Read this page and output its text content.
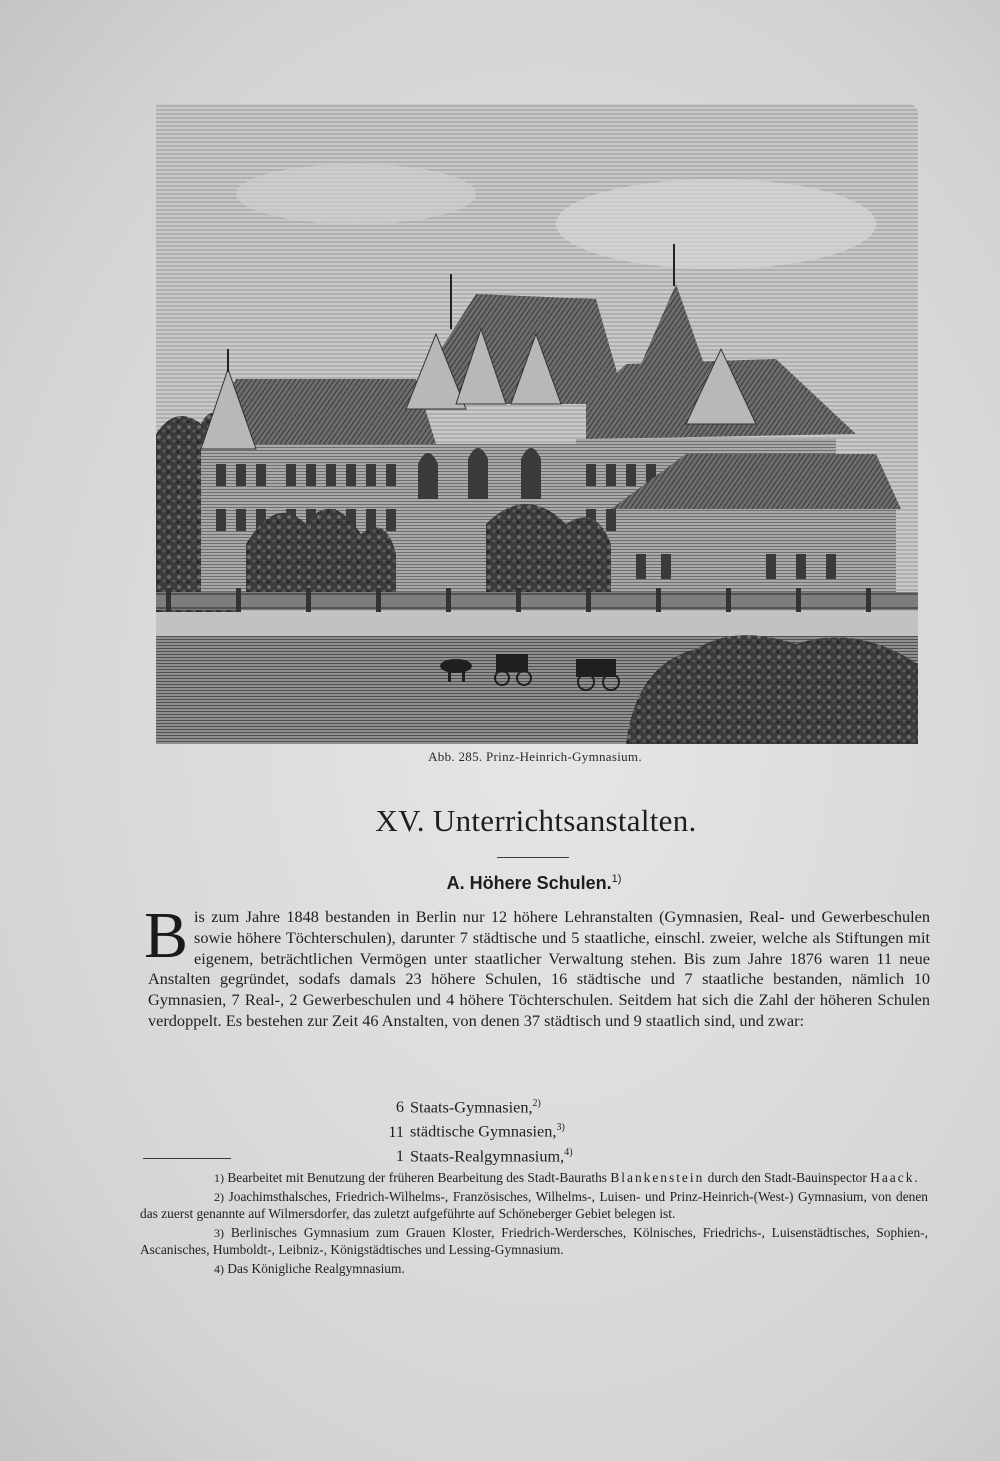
Abb. 285. Prinz-Heinrich-Gymnasium.
XV. Unterrichtsanstalten.
A. Höhere Schulen.$^{1)}$
Bis zum Jahre 1848 bestanden in Berlin nur 12 höhere Lehranstalten (Gymnasien, Real- und Gewerbeschulen sowie höhere Töchterschulen), darunter 7 städtische und 5 staatliche, einschl. zweier, welche als Stiftungen mit eigenem, beträchtlichen Vermögen unter staatlicher Verwaltung stehen. Bis zum Jahre 1876 waren 11 neue Anstalten gegründet, sodafs damals 23 höhere Schulen, 16 städtische und 7 staatliche bestanden, nämlich 10 Gymnasien, 7 Real-, 2 Gewerbeschulen und 4 höhere Töchterschulen. Seitdem hat sich die Zahl der höheren Schulen verdoppelt. Es bestehen zur Zeit 46 Anstalten, von denen 37 städtisch und 9 staatlich sind, und zwar:
6 Staats-Gymnasien,$^{2)}$
11 städtische Gymnasien,$^{3)}$
1 Staats-Realgymnasium,$^{4)}$

1) Bearbeitet mit Benutzung der früheren Bearbeitung des Stadt-Bauraths Blankenstein durch den Stadt-Bauinspector Haack.

2) Joachimsthalsches, Friedrich-Wilhelms-, Französisches, Wilhelms-, Luisen- und Prinz-Heinrich-(West-) Gymnasium, von denen das zuerst genannte auf Wilmersdorfer, das zuletzt aufgeführte auf Schöneberger Gebiet belegen ist.

3) Berlinisches Gymnasium zum Grauen Kloster, Friedrich-Werdersches, Kölnisches, Friedrichs-, Luisenstädtisches, Sophien-, Ascanisches, Humboldt-, Leibniz-, Königstädtisches und Lessing-Gymnasium.

4) Das Königliche Realgymnasium.
